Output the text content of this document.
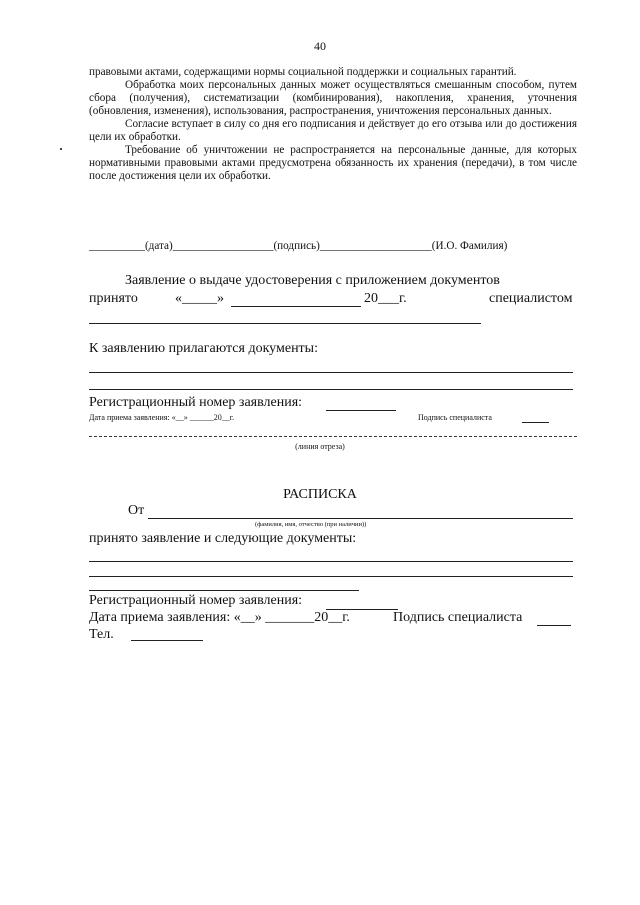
40

правовыми актами, содержащими нормы социальной поддержки и социальных гарантий.

Обработка моих персональных данных может осуществляться смешанным способом, путем сбора (получения), систематизации (комбинирования), накопления, хранения, уточнения (обновления, изменения), использования, распространения, уничтожения персональных данных.

Согласие вступает в силу со дня его подписания и действует до его отзыва или до достижения цели их обработки.

Требование об уничтожении не распространяется на персональные данные, для которых нормативными правовыми актами предусмотрена обязанность их хранения (передачи), в том числе после достижения цели их обработки.

__________(дата)__________________(подпись)____________________(И.О. Фамилия)
Заявление о выдаче удостоверения с приложением документов
принято	«_____»	20___г.	специалистом
К заявлению прилагаются документы:
Регистрационный номер заявления:
Дата приема заявления: «__» ______20__г.	Подпись специалиста
(линия отреза)
РАСПИСКА
От
(фамилия, имя, отчество (при наличии))
принято заявление и следующие документы:
Регистрационный номер заявления:
Дата приема заявления: «__» _______20__г.	Подпись специалиста
Тел.
